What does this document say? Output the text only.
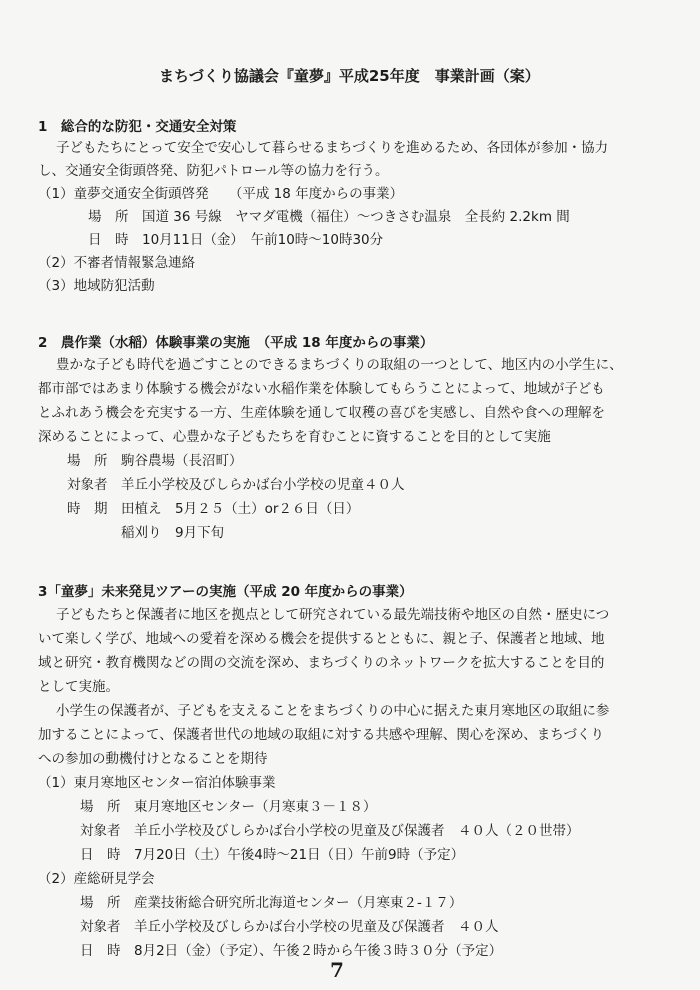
まちづくり協議会『童夢』平成25年度　事業計画（案）
1　総合的な防犯・交通安全対策
子どもたちにとって安全で安心して暮らせるまちづくりを進めるため、各団体が参加・協力
し、交通安全街頭啓発、防犯パトロール等の協力を行う。
（1）童夢交通安全街頭啓発　　（平成 18 年度からの事業）
場　所　国道 36 号線　ヤマダ電機（福住）～つきさむ温泉　全長約 2.2km 間
日　時　10月11日（金）　午前10時～10時30分
（2）不審者情報緊急連絡
（3）地域防犯活動
2　農作業（水稲）体験事業の実施　（平成 18 年度からの事業）
豊かな子ども時代を過ごすことのできるまちづくりの取組の一つとして、地区内の小学生に、
都市部ではあまり体験する機会がない水稲作業を体験してもらうことによって、地域が子ども
とふれあう機会を充実する一方、生産体験を通して収穫の喜びを実感し、自然や食への理解を
深めることによって、心豊かな子どもたちを育むことに資することを目的として実施
場　所　駒谷農場（長沼町）
対象者　羊丘小学校及びしらかば台小学校の児童４０人
時　期　田植え　5月２５（土）or２６日（日）
稲刈り　9月下旬
3「童夢」未来発見ツアーの実施（平成 20 年度からの事業）
子どもたちと保護者に地区を拠点として研究されている最先端技術や地区の自然・歴史につ
いて楽しく学び、地域への愛着を深める機会を提供するとともに、親と子、保護者と地域、地
域と研究・教育機関などの間の交流を深め、まちづくりのネットワークを拡大することを目的
として実施。
小学生の保護者が、子どもを支えることをまちづくりの中心に据えた東月寒地区の取組に参
加することによって、保護者世代の地域の取組に対する共感や理解、関心を深め、まちづくり
への参加の動機付けとなることを期待
（1）東月寒地区センター宿泊体験事業
場　所　東月寒地区センター（月寒東３－１８）
対象者　羊丘小学校及びしらかば台小学校の児童及び保護者　４０人（２０世帯）
日　時　7月20日（土）午後4時～21日（日）午前9時（予定）
（2）産総研見学会
場　所　産業技術総合研究所北海道センター（月寒東２-１７）
対象者　羊丘小学校及びしらかば台小学校の児童及び保護者　４０人
日　時　8月2日（金）（予定）、午後２時から午後３時３０分（予定）
7
